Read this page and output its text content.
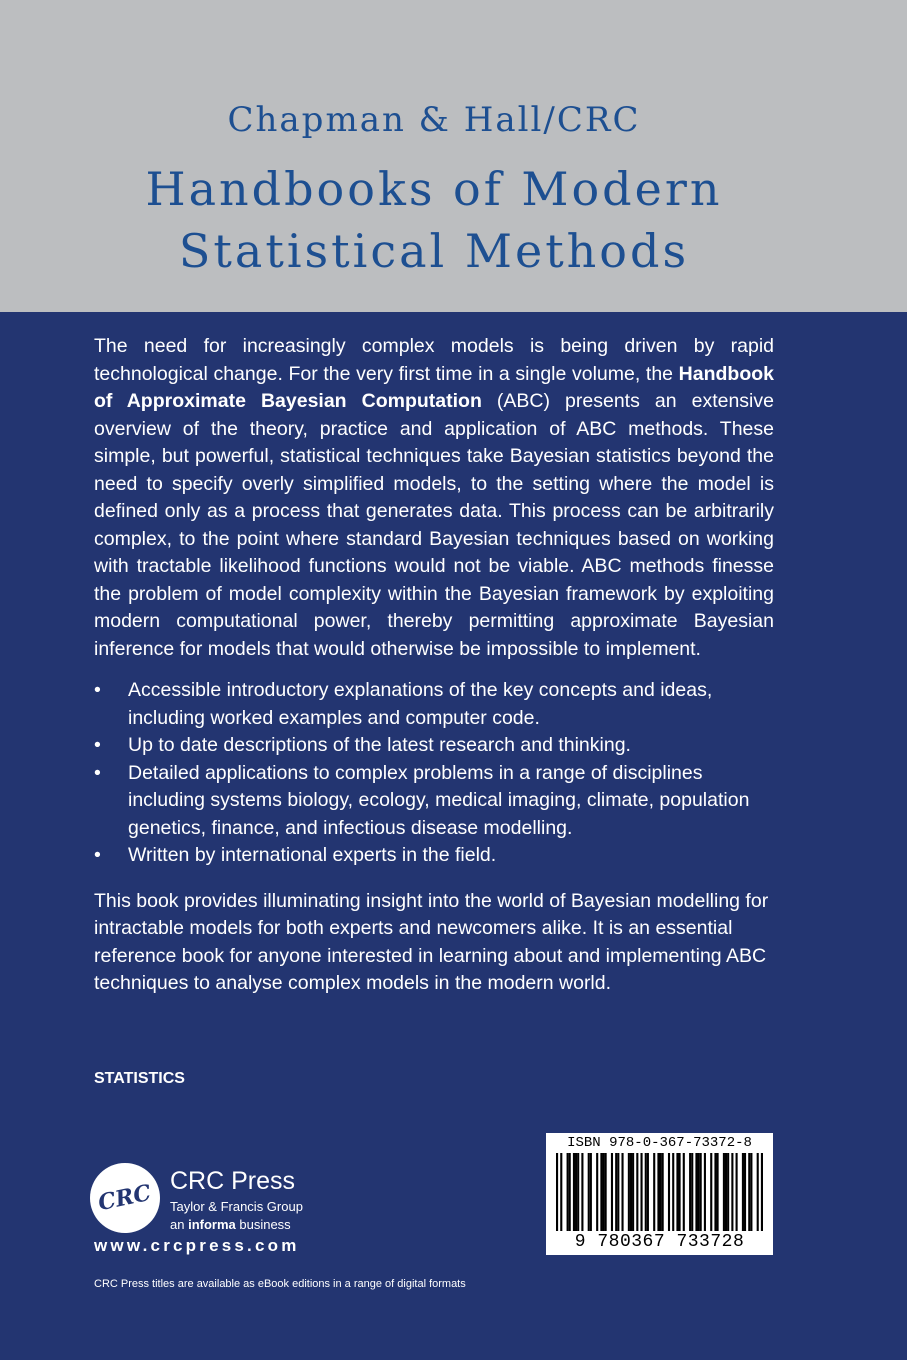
Chapman & Hall/CRC
Handbooks of Modern
Statistical Methods

The need for increasingly complex models is being driven by rapid technological change. For the very first time in a single volume, the Handbook of Approximate Bayesian Computation (ABC) presents an extensive overview of the theory, practice and application of ABC methods. These simple, but powerful, statistical techniques take Bayesian statistics beyond the need to specify overly simplified models, to the setting where the model is defined only as a process that generates data. This process can be arbitrarily complex, to the point where standard Bayesian techniques based on working with tractable likelihood functions would not be viable. ABC methods finesse the problem of model complexity within the Bayesian framework by exploiting modern computational power, thereby permitting approximate Bayesian inference for models that would otherwise be impossible to implement.

• Accessible introductory explanations of the key concepts and ideas, including worked examples and computer code.
• Up to date descriptions of the latest research and thinking.
• Detailed applications to complex problems in a range of disciplines including systems biology, ecology, medical imaging, climate, population genetics, finance, and infectious disease modelling.
• Written by international experts in the field.

This book provides illuminating insight into the world of Bayesian modelling for intractable models for both experts and newcomers alike. It is an essential reference book for anyone interested in learning about and implementing ABC techniques to analyse complex models in the modern world.

STATISTICS
CRC CRC Press
Taylor & Francis Group
an informa business
www.crcpress.com
CRC Press titles are available as eBook editions in a range of digital formats
ISBN 978-0-367-73372-8
9 780367 733728
